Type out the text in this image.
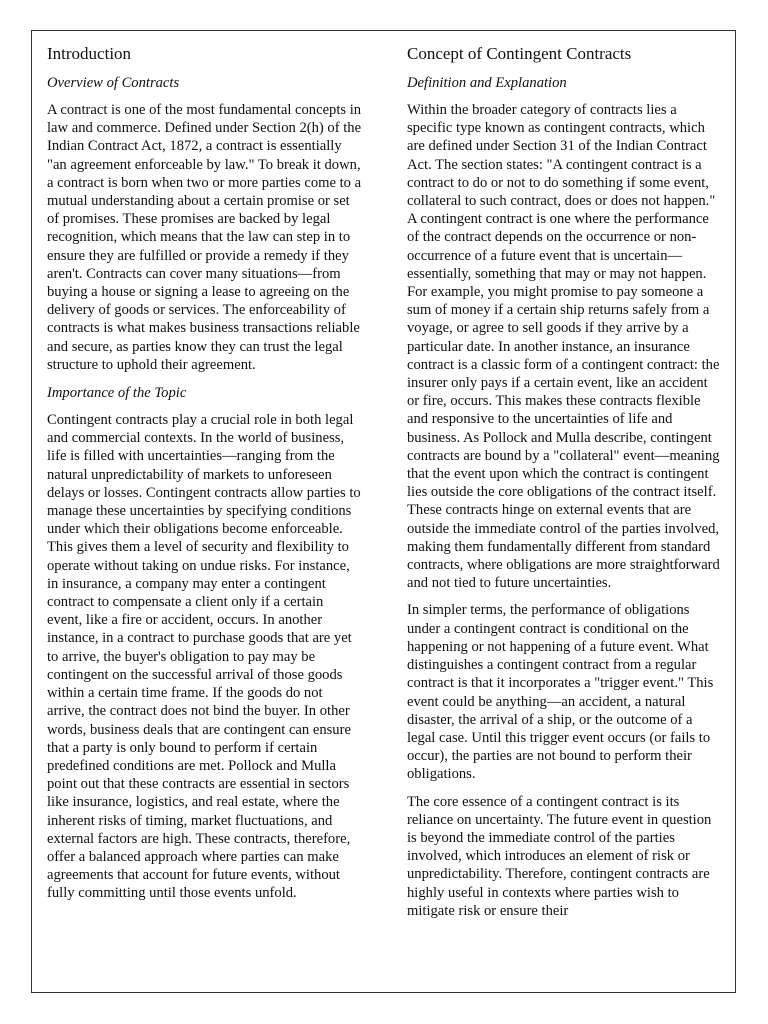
Introduction
Overview of Contracts

A contract is one of the most fundamental concepts in law and commerce. Defined under Section 2(h) of the Indian Contract Act, 1872, a contract is essentially "an agreement enforceable by law." To break it down, a contract is born when two or more parties come to a mutual understanding about a certain promise or set of promises. These promises are backed by legal recognition, which means that the law can step in to ensure they are fulfilled or provide a remedy if they aren't. Contracts can cover many situations—from buying a house or signing a lease to agreeing on the delivery of goods or services. The enforceability of contracts is what makes business transactions reliable and secure, as parties know they can trust the legal structure to uphold their agreement.

Importance of the Topic

Contingent contracts play a crucial role in both legal and commercial contexts. In the world of business, life is filled with uncertainties—ranging from the natural unpredictability of markets to unforeseen delays or losses. Contingent contracts allow parties to manage these uncertainties by specifying conditions under which their obligations become enforceable. This gives them a level of security and flexibility to operate without taking on undue risks. For instance, in insurance, a company may enter a contingent contract to compensate a client only if a certain event, like a fire or accident, occurs. In another instance, in a contract to purchase goods that are yet to arrive, the buyer's obligation to pay may be contingent on the successful arrival of those goods within a certain time frame. If the goods do not arrive, the contract does not bind the buyer. In other words, business deals that are contingent can ensure that a party is only bound to perform if certain predefined conditions are met. Pollock and Mulla point out that these contracts are essential in sectors like insurance, logistics, and real estate, where the inherent risks of timing, market fluctuations, and external factors are high. These contracts, therefore, offer a balanced approach where parties can make agreements that account for future events, without fully committing until those events unfold.

Concept of Contingent Contracts
Definition and Explanation

Within the broader category of contracts lies a specific type known as contingent contracts, which are defined under Section 31 of the Indian Contract Act. The section states: "A contingent contract is a contract to do or not to do something if some event, collateral to such contract, does or does not happen." A contingent contract is one where the performance of the contract depends on the occurrence or non-occurrence of a future event that is uncertain—essentially, something that may or may not happen. For example, you might promise to pay someone a sum of money if a certain ship returns safely from a voyage, or agree to sell goods if they arrive by a particular date. In another instance, an insurance contract is a classic form of a contingent contract: the insurer only pays if a certain event, like an accident or fire, occurs. This makes these contracts flexible and responsive to the uncertainties of life and business. As Pollock and Mulla describe, contingent contracts are bound by a "collateral" event—meaning that the event upon which the contract is contingent lies outside the core obligations of the contract itself. These contracts hinge on external events that are outside the immediate control of the parties involved, making them fundamentally different from standard contracts, where obligations are more straightforward and not tied to future uncertainties.

In simpler terms, the performance of obligations under a contingent contract is conditional on the happening or not happening of a future event. What distinguishes a contingent contract from a regular contract is that it incorporates a "trigger event." This event could be anything—an accident, a natural disaster, the arrival of a ship, or the outcome of a legal case. Until this trigger event occurs (or fails to occur), the parties are not bound to perform their obligations.

The core essence of a contingent contract is its reliance on uncertainty. The future event in question is beyond the immediate control of the parties involved, which introduces an element of risk or unpredictability. Therefore, contingent contracts are highly useful in contexts where parties wish to mitigate risk or ensure their
